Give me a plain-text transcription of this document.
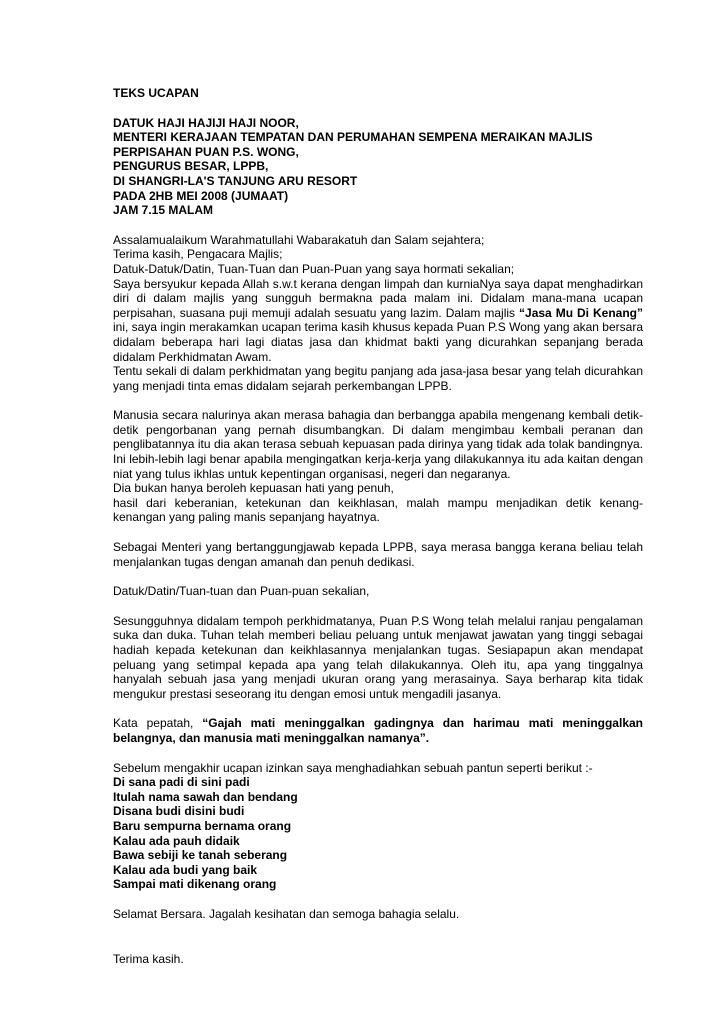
TEKS UCAPAN
DATUK HAJI HAJIJI HAJI NOOR,
MENTERI KERAJAAN TEMPATAN DAN PERUMAHAN SEMPENA MERAIKAN MAJLIS
PERPISAHAN PUAN P.S. WONG,
PENGURUS BESAR, LPPB,
DI SHANGRI-LA'S TANJUNG ARU RESORT
PADA 2HB MEI 2008 (JUMAAT)
JAM 7.15 MALAM
Assalamualaikum Warahmatullahi Wabarakatuh dan Salam sejahtera;
Terima kasih, Pengacara Majlis;
Datuk-Datuk/Datin, Tuan-Tuan dan Puan-Puan yang saya hormati sekalian;

Saya bersyukur kepada Allah s.w.t kerana dengan limpah dan kurniaNya saya dapat menghadirkan diri di dalam majlis yang sungguh bermakna pada malam ini. Didalam mana-mana ucapan perpisahan, suasana puji memuji adalah sesuatu yang lazim. Dalam majlis “Jasa Mu Di Kenang” ini, saya ingin merakamkan ucapan terima kasih khusus kepada Puan P.S Wong yang akan bersara didalam beberapa hari lagi diatas jasa dan khidmat bakti yang dicurahkan sepanjang berada didalam Perkhidmatan Awam.

Tentu sekali di dalam perkhidmatan yang begitu panjang ada jasa-jasa besar yang telah dicurahkan yang menjadi tinta emas didalam sejarah perkembangan LPPB.

Manusia secara nalurinya akan merasa bahagia dan berbangga apabila mengenang kembali detik-detik pengorbanan yang pernah disumbangkan. Di dalam mengimbau kembali peranan dan penglibatannya itu dia akan terasa sebuah kepuasan pada dirinya yang tidak ada tolak bandingnya. Ini lebih-lebih lagi benar apabila mengingatkan kerja-kerja yang dilakukannya itu ada kaitan dengan niat yang tulus ikhlas untuk kepentingan organisasi, negeri dan negaranya.

Dia bukan hanya beroleh kepuasan hati yang penuh,

hasil dari keberanian, ketekunan dan keikhlasan, malah mampu menjadikan detik kenang-kenangan yang paling manis sepanjang hayatnya.

Sebagai Menteri yang bertanggungjawab kepada LPPB, saya merasa bangga kerana beliau telah menjalankan tugas dengan amanah dan penuh dedikasi.

Datuk/Datin/Tuan-tuan dan Puan-puan sekalian,

Sesungguhnya didalam tempoh perkhidmatanya, Puan P.S Wong telah melalui ranjau pengalaman suka dan duka. Tuhan telah memberi beliau peluang untuk menjawat jawatan yang tinggi sebagai hadiah kepada ketekunan dan keikhlasannya menjalankan tugas. Sesiapapun akan mendapat peluang yang setimpal kepada apa yang telah dilakukannya. Oleh itu, apa yang tinggalnya hanyalah sebuah jasa yang menjadi ukuran orang yang merasainya. Saya berharap kita tidak mengukur prestasi seseorang itu dengan emosi untuk mengadili jasanya.

Kata pepatah, “Gajah mati meninggalkan gadingnya dan harimau mati meninggalkan belangnya, dan manusia mati meninggalkan namanya”.

Sebelum mengakhir ucapan izinkan saya menghadiahkan sebuah pantun seperti berikut :-

Di sana padi di sini padi
Itulah nama sawah dan bendang
Disana budi disini budi
Baru sempurna bernama orang
Kalau ada pauh didaik
Bawa sebiji ke tanah seberang
Kalau ada budi yang baik
Sampai mati dikenang orang

Selamat Bersara. Jagalah kesihatan dan semoga bahagia selalu.

Terima kasih.
